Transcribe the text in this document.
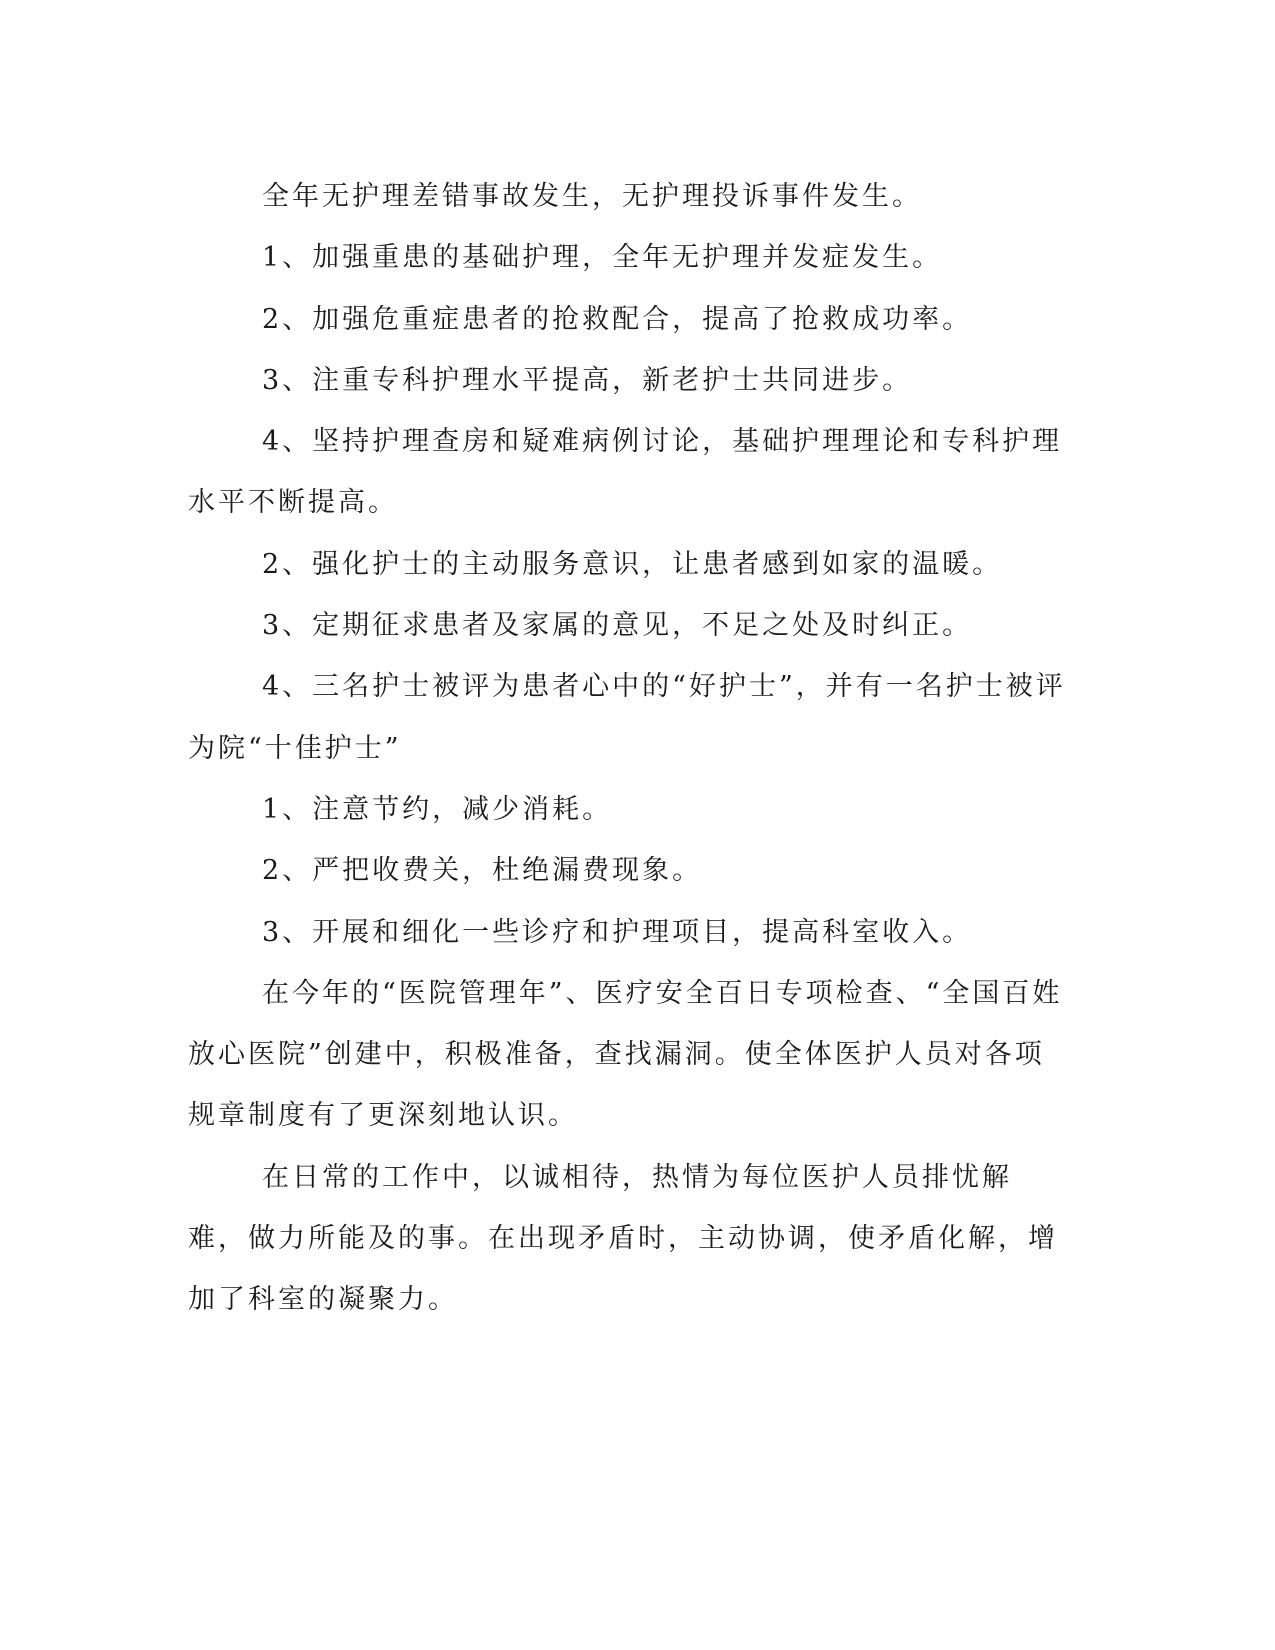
全年无护理差错事故发生，无护理投诉事件发生。

1、加强重患的基础护理，全年无护理并发症发生。

2、加强危重症患者的抢救配合，提高了抢救成功率。

3、注重专科护理水平提高，新老护士共同进步。

4、坚持护理查房和疑难病例讨论，基础护理理论和专科护理水平不断提高。

2、强化护士的主动服务意识，让患者感到如家的温暖。

3、定期征求患者及家属的意见，不足之处及时纠正。

4、三名护士被评为患者心中的“好护士”，并有一名护士被评为院“十佳护士”

1、注意节约，减少消耗。

2、严把收费关，杜绝漏费现象。

3、开展和细化一些诊疗和护理项目，提高科室收入。

在今年的“医院管理年”、医疗安全百日专项检查、“全国百姓放心医院”创建中，积极准备，查找漏洞。使全体医护人员对各项规章制度有了更深刻地认识。

在日常的工作中，以诚相待，热情为每位医护人员排忧解难，做力所能及的事。在出现矛盾时，主动协调，使矛盾化解，增加了科室的凝聚力。
